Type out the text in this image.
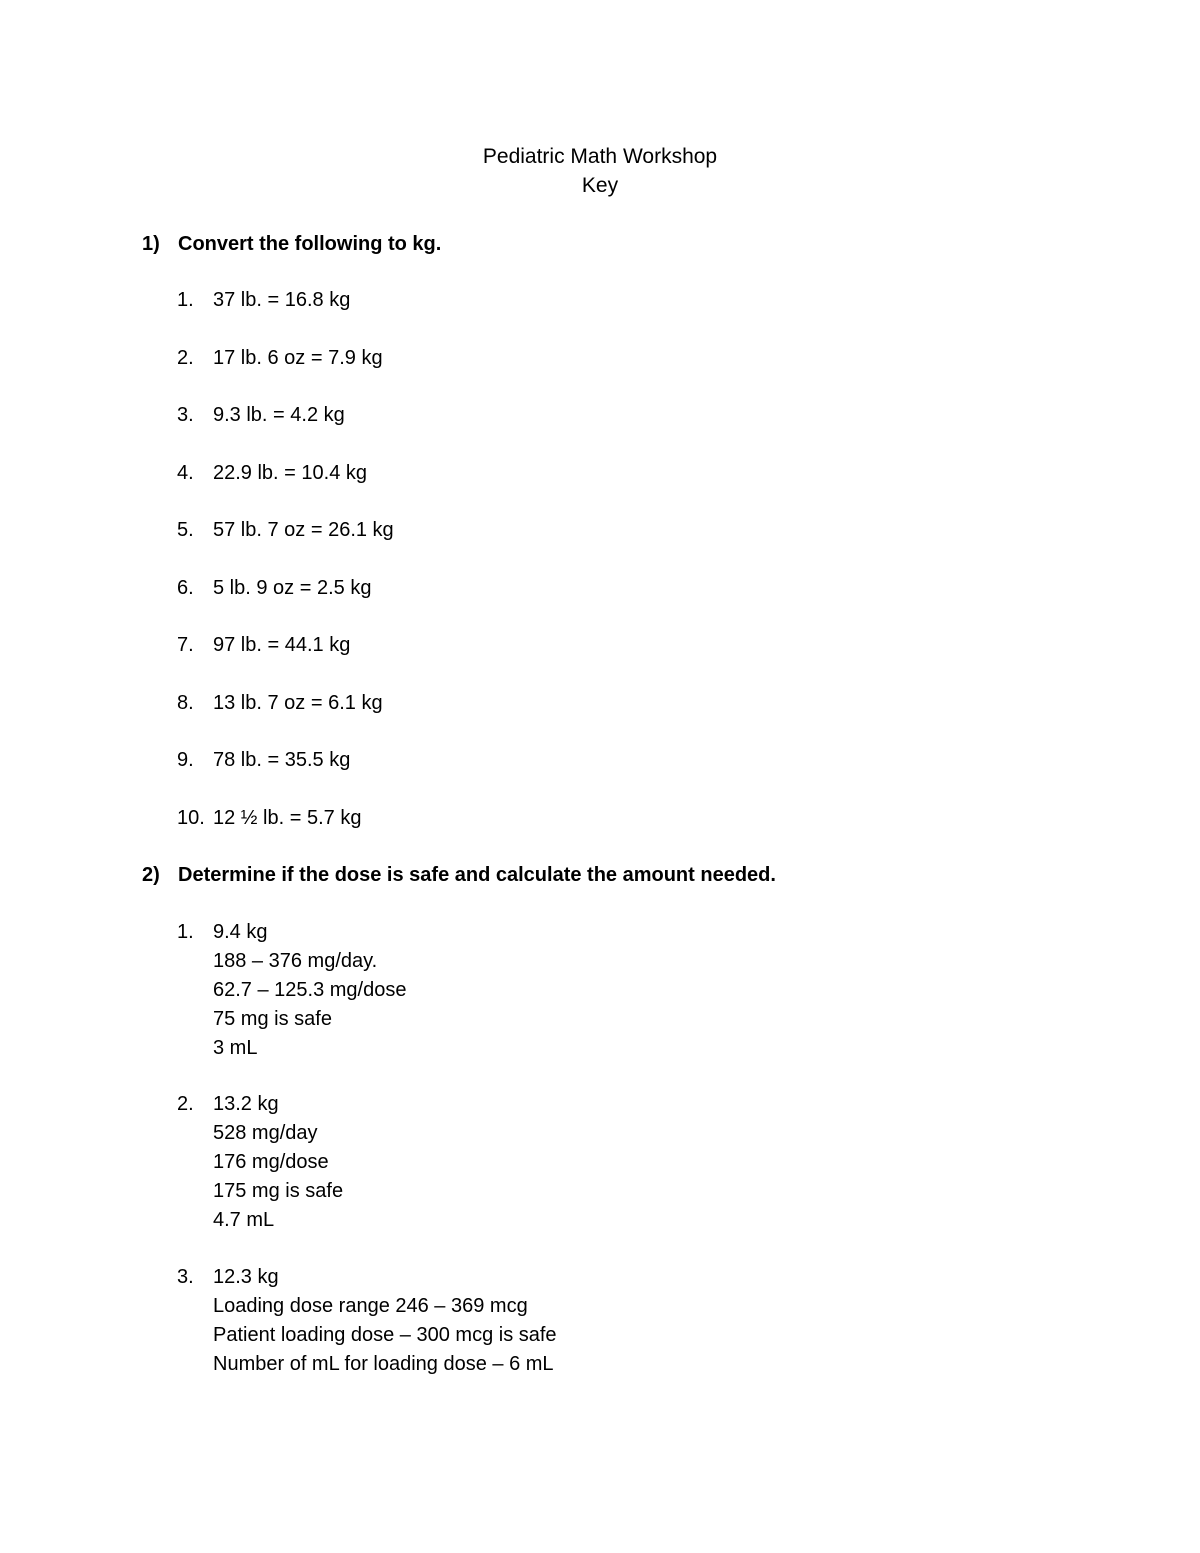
Pediatric Math Workshop
Key
1) Convert the following to kg.
1. 37 lb. = 16.8 kg
2. 17 lb. 6 oz = 7.9 kg
3. 9.3 lb. = 4.2 kg
4. 22.9 lb. = 10.4 kg
5. 57 lb. 7 oz = 26.1 kg
6. 5 lb. 9 oz = 2.5 kg
7. 97 lb. = 44.1 kg
8. 13 lb. 7 oz = 6.1 kg
9. 78 lb. = 35.5 kg
10. 12 ½ lb. = 5.7 kg
2) Determine if the dose is safe and calculate the amount needed.
1. 9.4 kg
188 – 376 mg/day.
62.7 – 125.3 mg/dose
75 mg is safe
3 mL
2. 13.2 kg
528 mg/day
176 mg/dose
175 mg is safe
4.7 mL
3. 12.3 kg
Loading dose range 246 – 369 mcg
Patient loading dose – 300 mcg is safe
Number of mL for loading dose – 6 mL
